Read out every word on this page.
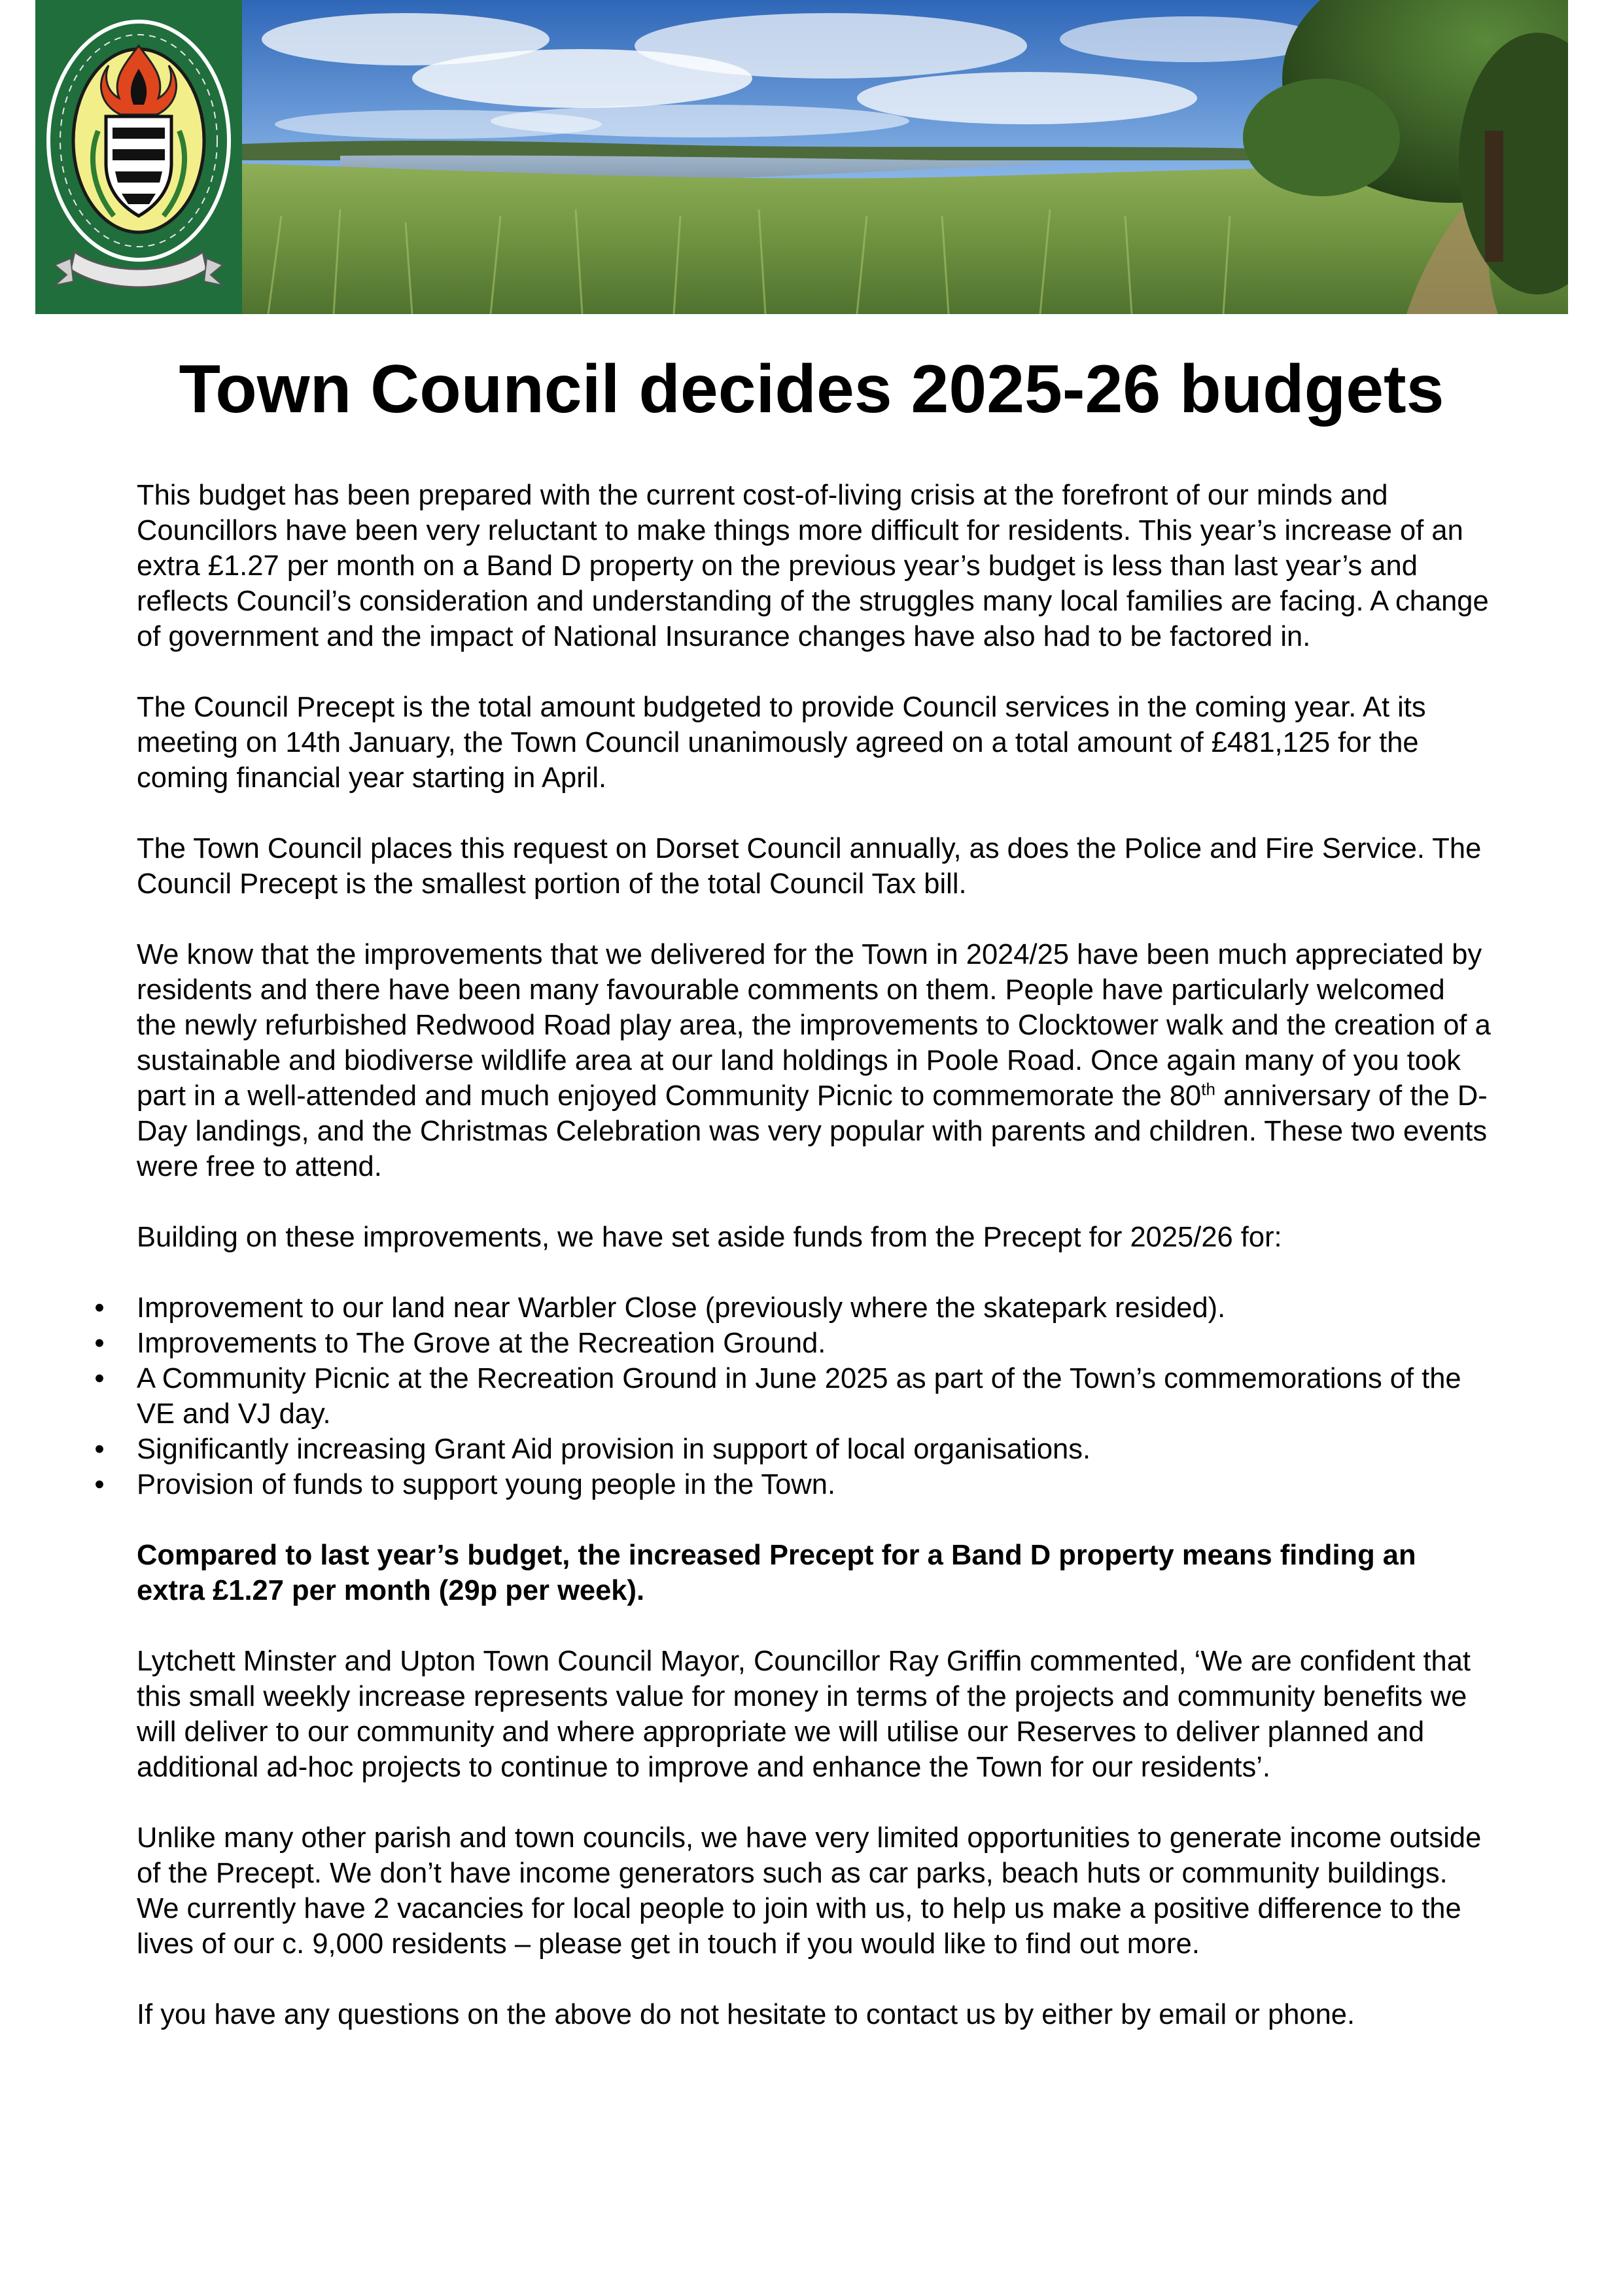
Town Council decides 2025-26 budgets

This budget has been prepared with the current cost-of-living crisis at the forefront of our minds and Councillors have been very reluctant to make things more difficult for residents. This year’s increase of an extra £1.27 per month on a Band D property on the previous year’s budget is less than last year’s and reflects Council’s consideration and understanding of the struggles many local families are facing. A change of government and the impact of National Insurance changes have also had to be factored in.

The Council Precept is the total amount budgeted to provide Council services in the coming year. At its meeting on 14th January, the Town Council unanimously agreed on a total amount of £481,125 for the coming financial year starting in April.

The Town Council places this request on Dorset Council annually, as does the Police and Fire Service. The Council Precept is the smallest portion of the total Council Tax bill.

We know that the improvements that we delivered for the Town in 2024/25 have been much appreciated by residents and there have been many favourable comments on them. People have particularly welcomed the newly refurbished Redwood Road play area, the improvements to Clocktower walk and the creation of a sustainable and biodiverse wildlife area at our land holdings in Poole Road. Once again many of you took part in a well-attended and much enjoyed Community Picnic to commemorate the 80th anniversary of the D-Day landings, and the Christmas Celebration was very popular with parents and children. These two events were free to attend.

Building on these improvements, we have set aside funds from the Precept for 2025/26 for:

• Improvement to our land near Warbler Close (previously where the skatepark resided).
• Improvements to The Grove at the Recreation Ground.
• A Community Picnic at the Recreation Ground in June 2025 as part of the Town’s commemorations of the VE and VJ day.
• Significantly increasing Grant Aid provision in support of local organisations.
• Provision of funds to support young people in the Town.

Compared to last year’s budget, the increased Precept for a Band D property means finding an extra £1.27 per month (29p per week).

Lytchett Minster and Upton Town Council Mayor, Councillor Ray Griffin commented, ‘We are confident that this small weekly increase represents value for money in terms of the projects and community benefits we will deliver to our community and where appropriate we will utilise our Reserves to deliver planned and additional ad-hoc projects to continue to improve and enhance the Town for our residents’.

Unlike many other parish and town councils, we have very limited opportunities to generate income outside of the Precept. We don’t have income generators such as car parks, beach huts or community buildings. We currently have 2 vacancies for local people to join with us, to help us make a positive difference to the lives of our c. 9,000 residents – please get in touch if you would like to find out more.

If you have any questions on the above do not hesitate to contact us by either by email or phone.
